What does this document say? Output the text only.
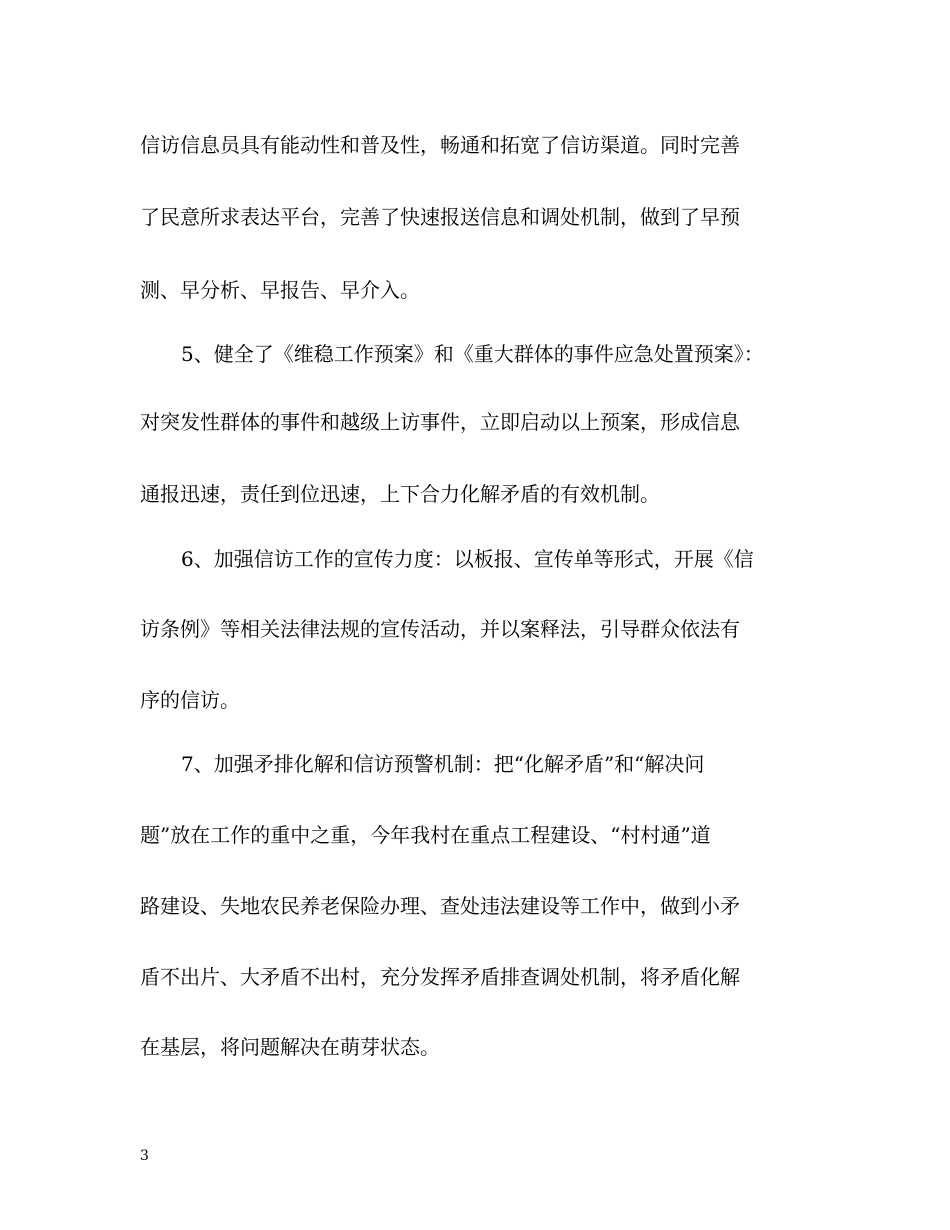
信访信息员具有能动性和普及性，畅通和拓宽了信访渠道。同时完善
了民意所求表达平台，完善了快速报送信息和调处机制，做到了早预
测、早分析、早报告、早介入。
5、健全了《维稳工作预案》和《重大群体的事件应急处置预案》：
对突发性群体的事件和越级上访事件，立即启动以上预案，形成信息
通报迅速，责任到位迅速，上下合力化解矛盾的有效机制。
6、加强信访工作的宣传力度：以板报、宣传单等形式，开展《信
访条例》等相关法律法规的宣传活动，并以案释法，引导群众依法有
序的信访。
7、加强矛排化解和信访预警机制：把“化解矛盾”和“解决问
题”放在工作的重中之重，今年我村在重点工程建设、“村村通”道
路建设、失地农民养老保险办理、查处违法建设等工作中，做到小矛
盾不出片、大矛盾不出村，充分发挥矛盾排查调处机制，将矛盾化解
在基层，将问题解决在萌芽状态。
3
